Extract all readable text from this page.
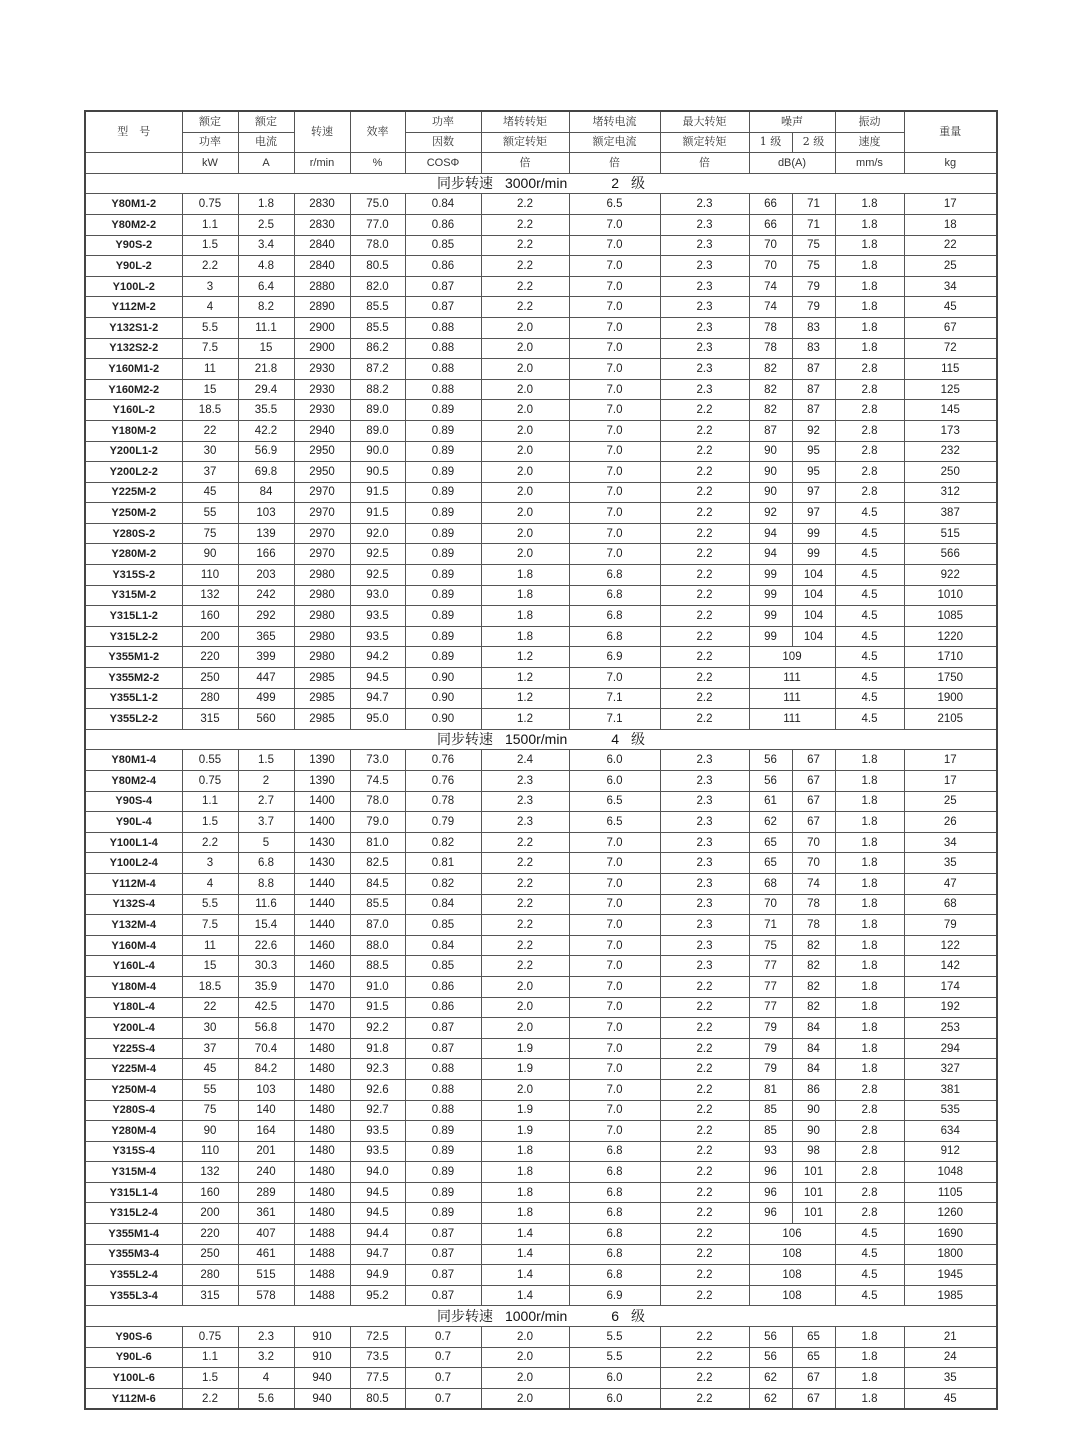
型　号	额定	额定	转速	效率	功率	堵转转矩	堵转电流	最大转矩	噪声		振动	重量
	功率	电流			因数	额定转矩	额定电流	额定转矩	1 级	2 级	速度	
	kW	A	r/min	%	COSΦ	倍	倍	倍	dB(A)		mm/s	kg
同步转速 3000r/min 2 级												
Y80M1-2	0.75	1.8	2830	75.0	0.84	2.2	6.5	2.3	66	71	1.8	17
Y80M2-2	1.1	2.5	2830	77.0	0.86	2.2	7.0	2.3	66	71	1.8	18
Y90S-2	1.5	3.4	2840	78.0	0.85	2.2	7.0	2.3	70	75	1.8	22
Y90L-2	2.2	4.8	2840	80.5	0.86	2.2	7.0	2.3	70	75	1.8	25
Y100L-2	3	6.4	2880	82.0	0.87	2.2	7.0	2.3	74	79	1.8	34
Y112M-2	4	8.2	2890	85.5	0.87	2.2	7.0	2.3	74	79	1.8	45
Y132S1-2	5.5	11.1	2900	85.5	0.88	2.0	7.0	2.3	78	83	1.8	67
Y132S2-2	7.5	15	2900	86.2	0.88	2.0	7.0	2.3	78	83	1.8	72
Y160M1-2	11	21.8	2930	87.2	0.88	2.0	7.0	2.3	82	87	2.8	115
Y160M2-2	15	29.4	2930	88.2	0.88	2.0	7.0	2.3	82	87	2.8	125
Y160L-2	18.5	35.5	2930	89.0	0.89	2.0	7.0	2.2	82	87	2.8	145
Y180M-2	22	42.2	2940	89.0	0.89	2.0	7.0	2.2	87	92	2.8	173
Y200L1-2	30	56.9	2950	90.0	0.89	2.0	7.0	2.2	90	95	2.8	232
Y200L2-2	37	69.8	2950	90.5	0.89	2.0	7.0	2.2	90	95	2.8	250
Y225M-2	45	84	2970	91.5	0.89	2.0	7.0	2.2	90	97	2.8	312
Y250M-2	55	103	2970	91.5	0.89	2.0	7.0	2.2	92	97	4.5	387
Y280S-2	75	139	2970	92.0	0.89	2.0	7.0	2.2	94	99	4.5	515
Y280M-2	90	166	2970	92.5	0.89	2.0	7.0	2.2	94	99	4.5	566
Y315S-2	110	203	2980	92.5	0.89	1.8	6.8	2.2	99	104	4.5	922
Y315M-2	132	242	2980	93.0	0.89	1.8	6.8	2.2	99	104	4.5	1010
Y315L1-2	160	292	2980	93.5	0.89	1.8	6.8	2.2	99	104	4.5	1085
Y315L2-2	200	365	2980	93.5	0.89	1.8	6.8	2.2	99	104	4.5	1220
Y355M1-2	220	399	2980	94.2	0.89	1.2	6.9	2.2	109		4.5	1710
Y355M2-2	250	447	2985	94.5	0.90	1.2	7.0	2.2	111		4.5	1750
Y355L1-2	280	499	2985	94.7	0.90	1.2	7.1	2.2	111		4.5	1900
Y355L2-2	315	560	2985	95.0	0.90	1.2	7.1	2.2	111		4.5	2105
同步转速 1500r/min 4 级												
Y80M1-4	0.55	1.5	1390	73.0	0.76	2.4	6.0	2.3	56	67	1.8	17
Y80M2-4	0.75	2	1390	74.5	0.76	2.3	6.0	2.3	56	67	1.8	17
Y90S-4	1.1	2.7	1400	78.0	0.78	2.3	6.5	2.3	61	67	1.8	25
Y90L-4	1.5	3.7	1400	79.0	0.79	2.3	6.5	2.3	62	67	1.8	26
Y100L1-4	2.2	5	1430	81.0	0.82	2.2	7.0	2.3	65	70	1.8	34
Y100L2-4	3	6.8	1430	82.5	0.81	2.2	7.0	2.3	65	70	1.8	35
Y112M-4	4	8.8	1440	84.5	0.82	2.2	7.0	2.3	68	74	1.8	47
Y132S-4	5.5	11.6	1440	85.5	0.84	2.2	7.0	2.3	70	78	1.8	68
Y132M-4	7.5	15.4	1440	87.0	0.85	2.2	7.0	2.3	71	78	1.8	79
Y160M-4	11	22.6	1460	88.0	0.84	2.2	7.0	2.3	75	82	1.8	122
Y160L-4	15	30.3	1460	88.5	0.85	2.2	7.0	2.3	77	82	1.8	142
Y180M-4	18.5	35.9	1470	91.0	0.86	2.0	7.0	2.2	77	82	1.8	174
Y180L-4	22	42.5	1470	91.5	0.86	2.0	7.0	2.2	77	82	1.8	192
Y200L-4	30	56.8	1470	92.2	0.87	2.0	7.0	2.2	79	84	1.8	253
Y225S-4	37	70.4	1480	91.8	0.87	1.9	7.0	2.2	79	84	1.8	294
Y225M-4	45	84.2	1480	92.3	0.88	1.9	7.0	2.2	79	84	1.8	327
Y250M-4	55	103	1480	92.6	0.88	2.0	7.0	2.2	81	86	2.8	381
Y280S-4	75	140	1480	92.7	0.88	1.9	7.0	2.2	85	90	2.8	535
Y280M-4	90	164	1480	93.5	0.89	1.9	7.0	2.2	85	90	2.8	634
Y315S-4	110	201	1480	93.5	0.89	1.8	6.8	2.2	93	98	2.8	912
Y315M-4	132	240	1480	94.0	0.89	1.8	6.8	2.2	96	101	2.8	1048
Y315L1-4	160	289	1480	94.5	0.89	1.8	6.8	2.2	96	101	2.8	1105
Y315L2-4	200	361	1480	94.5	0.89	1.8	6.8	2.2	96	101	2.8	1260
Y355M1-4	220	407	1488	94.4	0.87	1.4	6.8	2.2	106		4.5	1690
Y355M3-4	250	461	1488	94.7	0.87	1.4	6.8	2.2	108		4.5	1800
Y355L2-4	280	515	1488	94.9	0.87	1.4	6.8	2.2	108		4.5	1945
Y355L3-4	315	578	1488	95.2	0.87	1.4	6.9	2.2	108		4.5	1985
同步转速 1000r/min 6 级												
Y90S-6	0.75	2.3	910	72.5	0.7	2.0	5.5	2.2	56	65	1.8	21
Y90L-6	1.1	3.2	910	73.5	0.7	2.0	5.5	2.2	56	65	1.8	24
Y100L-6	1.5	4	940	77.5	0.7	2.0	6.0	2.2	62	67	1.8	35
Y112M-6	2.2	5.6	940	80.5	0.7	2.0	6.0	2.2	62	67	1.8	45
